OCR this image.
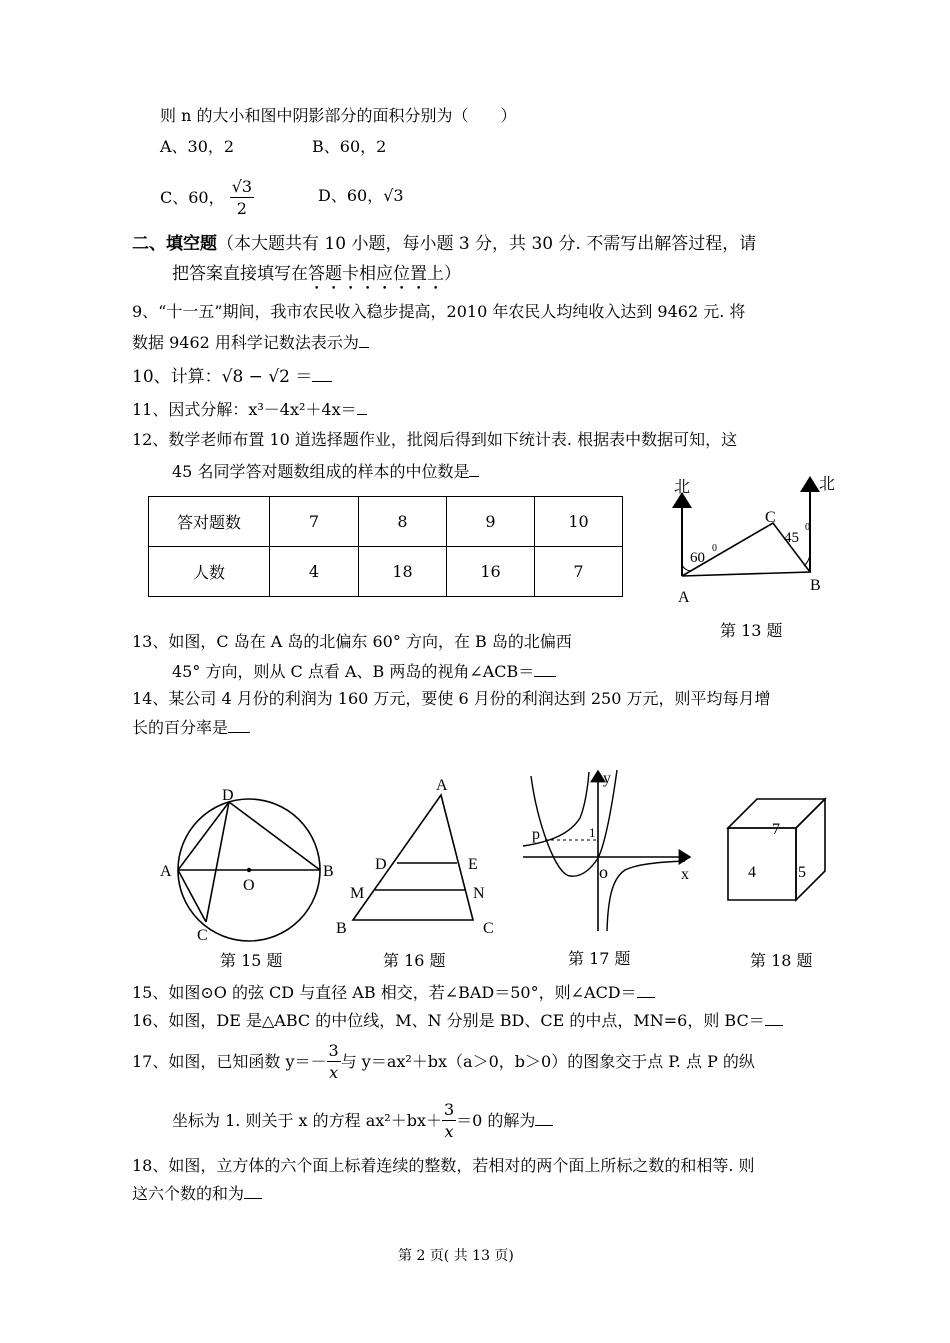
则 n 的大小和图中阴影部分的面积分别为（　　）
A、30，2	B、60，2
C、60， $\frac{√3}{2}$	D、60，√3
二、填空题（本大题共有 10 小题，每小题 3 分，共 30 分. 不需写出解答过程，请
把答案直接填写在答题卡相应位置上）
9、“十一五”期间，我市农民收入稳步提高，2010 年农民人均纯收入达到 9462 元. 将
数据 9462 用科学记数法表示为
10、计算：√8 − √2 ＝
11、因式分解：x³－4x²＋4x＝
12、数学老师布置 10 道选择题作业，批阅后得到如下统计表. 根据表中数据可知，这
45 名同学答对题数组成的样本的中位数是
答对题数	7	8	9	10
人数	4	18	16	7
北	北
60
0
45
0
C
A
B
第 13 题
13、如图，C 岛在 A 岛的北偏东 60° 方向，在 B 岛的北偏西
45° 方向，则从 C 点看 A、B 两岛的视角∠ACB＝
14、某公司 4 月份的利润为 160 万元，要使 6 月份的利润达到 250 万元，则平均每月增
长的百分率是
D
A	B
O
C
第 15 题
A
D	E
M	N
B	C
第 16 题
y
x
o
p	1
第 17 题
7
4	5
第 18 题
15、如图⊙O 的弦 CD 与直径 AB 相交，若∠BAD＝50°，则∠ACD＝
16、如图，DE 是△ABC 的中位线，M、N 分别是 BD、CE 的中点，MN=6，则 BC＝
17、如图，已知函数 $y=- \frac{3}{x}$ 与 y＝ax²＋bx（a＞0，b＞0）的图象交于点 P. 点 P 的纵
坐标为 1. 则关于 x 的方程 $ax^2+bx+ \frac{3}{x} =0$ 的解为
18、如图，立方体的六个面上标着连续的整数，若相对的两个面上所标之数的和相等. 则
这六个数的和为
第 2 页( 共 13 页)
